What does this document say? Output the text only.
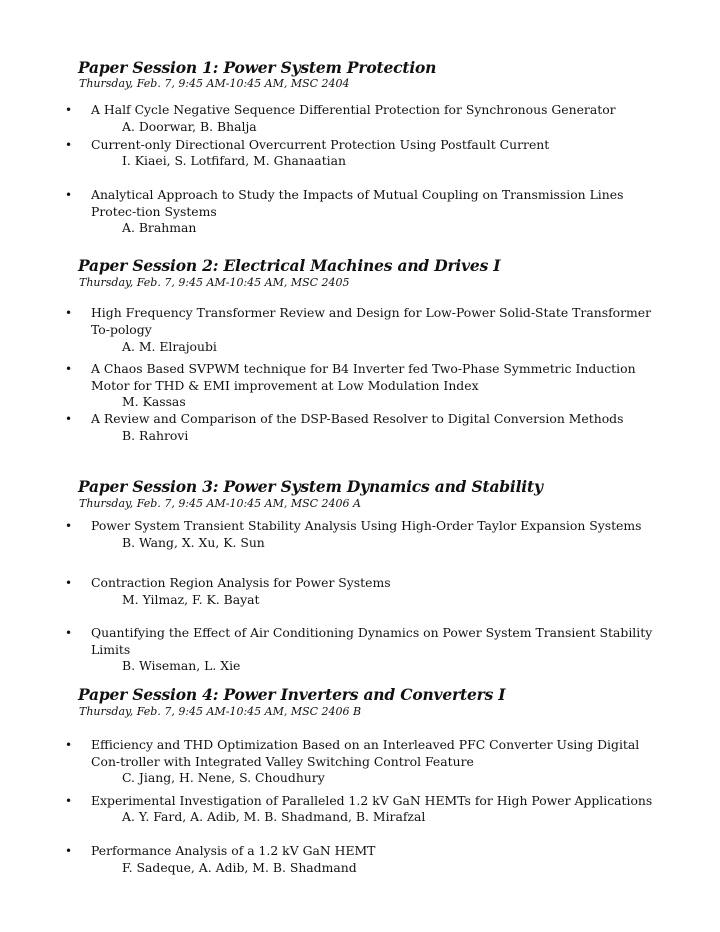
Paper Session 1: Power System Protection
Thursday, Feb. 7, 9:45 AM-10:45 AM, MSC 2404
• A Half Cycle Negative Sequence Differential Protection for Synchronous Generator
A. Doorwar, B. Bhalja
• Current-only Directional Overcurrent Protection Using Postfault Current
I. Kiaei, S. Lotfifard, M. Ghanaatian
• Analytical Approach to Study the Impacts of Mutual Coupling on Transmission Lines Protec-tion Systems
A. Brahman
Paper Session 2: Electrical Machines and Drives I
Thursday, Feb. 7, 9:45 AM-10:45 AM, MSC 2405
• High Frequency Transformer Review and Design for Low-Power Solid-State Transformer To-pology
A. M. Elrajoubi
• A Chaos Based SVPWM technique for B4 Inverter fed Two-Phase Symmetric Induction Motor for THD & EMI improvement at Low Modulation Index
M. Kassas
• A Review and Comparison of the DSP-Based Resolver to Digital Conversion Methods
B. Rahrovi
Paper Session 3: Power System Dynamics and Stability
Thursday, Feb. 7, 9:45 AM-10:45 AM, MSC 2406 A
• Power System Transient Stability Analysis Using High-Order Taylor Expansion Systems
B. Wang, X. Xu, K. Sun
• Contraction Region Analysis for Power Systems
M. Yilmaz, F. K. Bayat
• Quantifying the Effect of Air Conditioning Dynamics on Power System Transient Stability Limits
B. Wiseman, L. Xie
Paper Session 4: Power Inverters and Converters I
Thursday, Feb. 7, 9:45 AM-10:45 AM, MSC 2406 B
• Efficiency and THD Optimization Based on an Interleaved PFC Converter Using Digital Con-troller with Integrated Valley Switching Control Feature
C. Jiang, H. Nene, S. Choudhury
• Experimental Investigation of Paralleled 1.2 kV GaN HEMTs for High Power Applications
A. Y. Fard, A. Adib, M. B. Shadmand, B. Mirafzal
• Performance Analysis of a 1.2 kV GaN HEMT
F. Sadeque, A. Adib, M. B. Shadmand
